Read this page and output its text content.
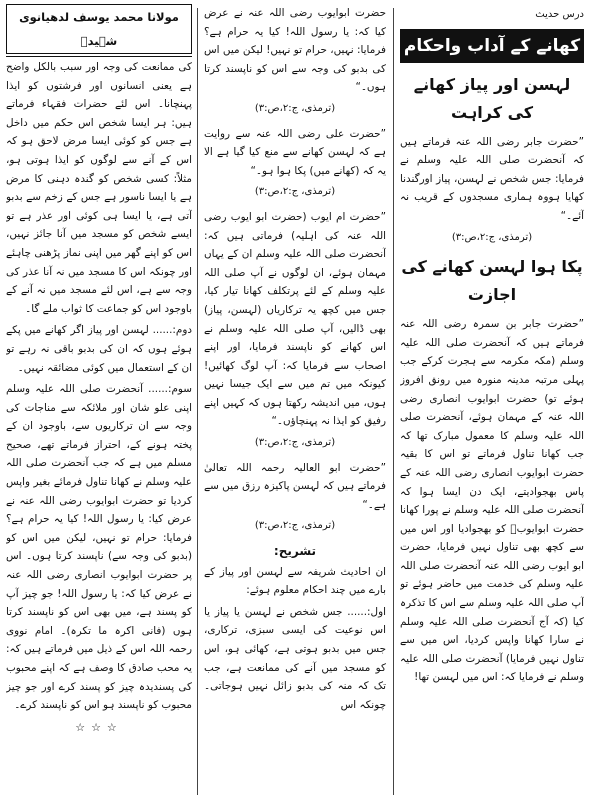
درس حدیث
کھانے کے آداب واحکام
لہسن اور پیاز کھانے کی کراہت

”حضرت جابر رضی اللہ عنہ فرماتے ہیں کہ آنحضرت صلی اللہ علیہ وسلم نے فرمایا: جس شخص نے لہسن، پیاز اورگندنا کھایا ہووہ ہماری مسجدوں کے قریب نہ آئے۔“

(ترمذی، ج:۲،ص:۳)
پکا ہوا لہسن کھانے کی اجازت

”حضرت جابر بن سمرہ رضی اللہ عنہ فرماتے ہیں کہ آنحضرت صلی اللہ علیہ وسلم (مکہ مکرمہ سے ہجرت کرکے جب پہلی مرتبہ مدینہ منورہ میں رونق افروز ہوئے تو) حضرت ابوایوب انصاری رضی اللہ عنہ کے مہمان ہوئے، آنحضرت صلی اللہ علیہ وسلم کا معمول مبارک تھا کہ جب کھانا تناول فرماتے تو اس کا بقیہ حضرت ابوایوب انصاری رضی اللہ عنہ کے پاس بھجوادیتے، ایک دن ایسا ہوا کہ آنحضرت صلی اللہ علیہ وسلم نے پورا کھانا حضرت ابوایوبؓ کو بھجوادیا اور اس میں سے کچھ بھی تناول نہیں فرمایا، حضرت ابو ایوب رضی اللہ عنہ آنحضرت صلی اللہ علیہ وسلم کی خدمت میں حاضر ہوئے تو آپ صلی اللہ علیہ وسلم سے اس کا تذکرہ کیا (کہ آج آنحضرت صلی اللہ علیہ وسلم نے سارا کھانا واپس کردیا، اس میں سے تناول نہیں فرمایا) آنحضرت صلی اللہ علیہ وسلم نے فرمایا کہ: اس میں لہسن تھا!

حضرت ابوایوب رضی اللہ عنہ نے عرض کیا کہ: یا رسول اللہ! کیا یہ حرام ہے؟ فرمایا: نہیں، حرام تو نہیں! لیکن میں اس کی بدبو کی وجہ سے اس کو ناپسند کرتا ہوں۔“

(ترمذی، ج:۲،ص:۳)

”حضرت علی رضی اللہ عنہ سے روایت ہے کہ لہسن کھانے سے منع کیا گیا ہے الا یہ کہ (کھانے میں) پکا ہوا ہو۔“

(ترمذی، ج:۲،ص:۳)

”حضرت ام ایوب (حضرت ابو ایوب رضی اللہ عنہ کی اہلیہ) فرماتی ہیں کہ: آنحضرت صلی اللہ علیہ وسلم ان کے یہاں مہمان ہوئے، ان لوگوں نے آپ صلی اللہ علیہ وسلم کے لئے پرتکلف کھانا تیار کیا، جس میں کچھ یہ ترکاریاں (لہسن، پیاز) بھی ڈالیں، آپ صلی اللہ علیہ وسلم نے اس کھانے کو ناپسند فرمایا، اور اپنے اصحاب سے فرمایا کہ: آپ لوگ کھائیں! کیونکہ میں تم میں سے ایک جیسا نہیں ہوں، میں اندیشہ رکھتا ہوں کہ کہیں اپنے رفیق کو ایذا نہ پہنچاؤں۔“

(ترمذی، ج:۲،ص:۳)

”حضرت ابو العالیہ رحمہ اللہ تعالیٰ فرماتے ہیں کہ لہسن پاکیزہ رزق میں سے ہے۔“

(ترمذی، ج:۲،ص:۳)
تشریح:

ان احادیث شریفہ سے لہسن اور پیاز کے بارے میں چند احکام معلوم ہوئے:

اول:...... جس شخص نے لہسن یا پیاز یا اس نوعیت کی ایسی سبزی، ترکاری، جس میں بدبو ہوتی ہے، کھائی ہو، اس کو مسجد میں آنے کی ممانعت ہے، جب تک کہ منہ کی بدبو زائل نہیں ہوجاتی۔ چونکہ اس

مولانا محمد یوسف لدھیانوی شہیدؒ

کی ممانعت کی وجہ اور سبب بالکل واضح ہے یعنی انسانوں اور فرشتوں کو ایذا پہنچانا۔ اس لئے حضرات فقہاء فرماتے ہیں: ہر ایسا شخص اس حکم میں داخل ہے جس کو کوئی ایسا مرض لاحق ہو کہ اس کے آنے سے لوگوں کو ایذا ہوتی ہو، مثلاً: کسی شخص کو گندہ دہنی کا مرض ہے یا ایسا ناسور ہے جس کے زخم سے بدبو آتی ہے، یا ایسا ہی کوئی اور عذر ہے تو ایسے شخص کو مسجد میں آنا جائز نہیں، اس کو اپنے گھر میں اپنی نماز پڑھنی چاہئے اور چونکہ اس کا مسجد میں نہ آنا عذر کی وجہ سے ہے، اس لئے مسجد میں نہ آنے کے باوجود اس کو جماعت کا ثواب ملے گا۔

دوم:...... لہسن اور پیاز اگر کھانے میں پکے ہوئے ہوں کہ ان کی بدبو باقی نہ رہے تو ان کے استعمال میں کوئی مضائقہ نہیں۔

سوم:...... آنحضرت صلی اللہ علیہ وسلم اپنی علو شان اور ملائکہ سے مناجات کی وجہ سے ان ترکاریوں سے، باوجود ان کے پختہ ہونے کے، احتراز فرماتے تھے، صحیح مسلم میں ہے کہ جب آنحضرت صلی اللہ علیہ وسلم نے کھانا تناول فرمائے بغیر واپس کردیا تو حضرت ابوایوب رضی اللہ عنہ نے عرض کیا: یا رسول اللہ! کیا یہ حرام ہے؟ فرمایا: حرام تو نہیں، لیکن میں اس کو (بدبو کی وجہ سے) ناپسند کرتا ہوں۔ اس پر حضرت ابوایوب انصاری رضی اللہ عنہ نے عرض کیا کہ: یا رسول اللہ! جو چیز آپ کو پسند ہے، میں بھی اس کو ناپسند کرتا ہوں (فانی اکرہ ما تکرہ)۔ امام نووی رحمہ اللہ اس کے ذیل میں فرماتے ہیں کہ: یہ محب صادق کا وصف ہے کہ اپنے محبوب کی پسندیدہ چیز کو پسند کرے اور جو چیز محبوب کو ناپسند ہو اس کو ناپسند کرے۔

☆☆☆
